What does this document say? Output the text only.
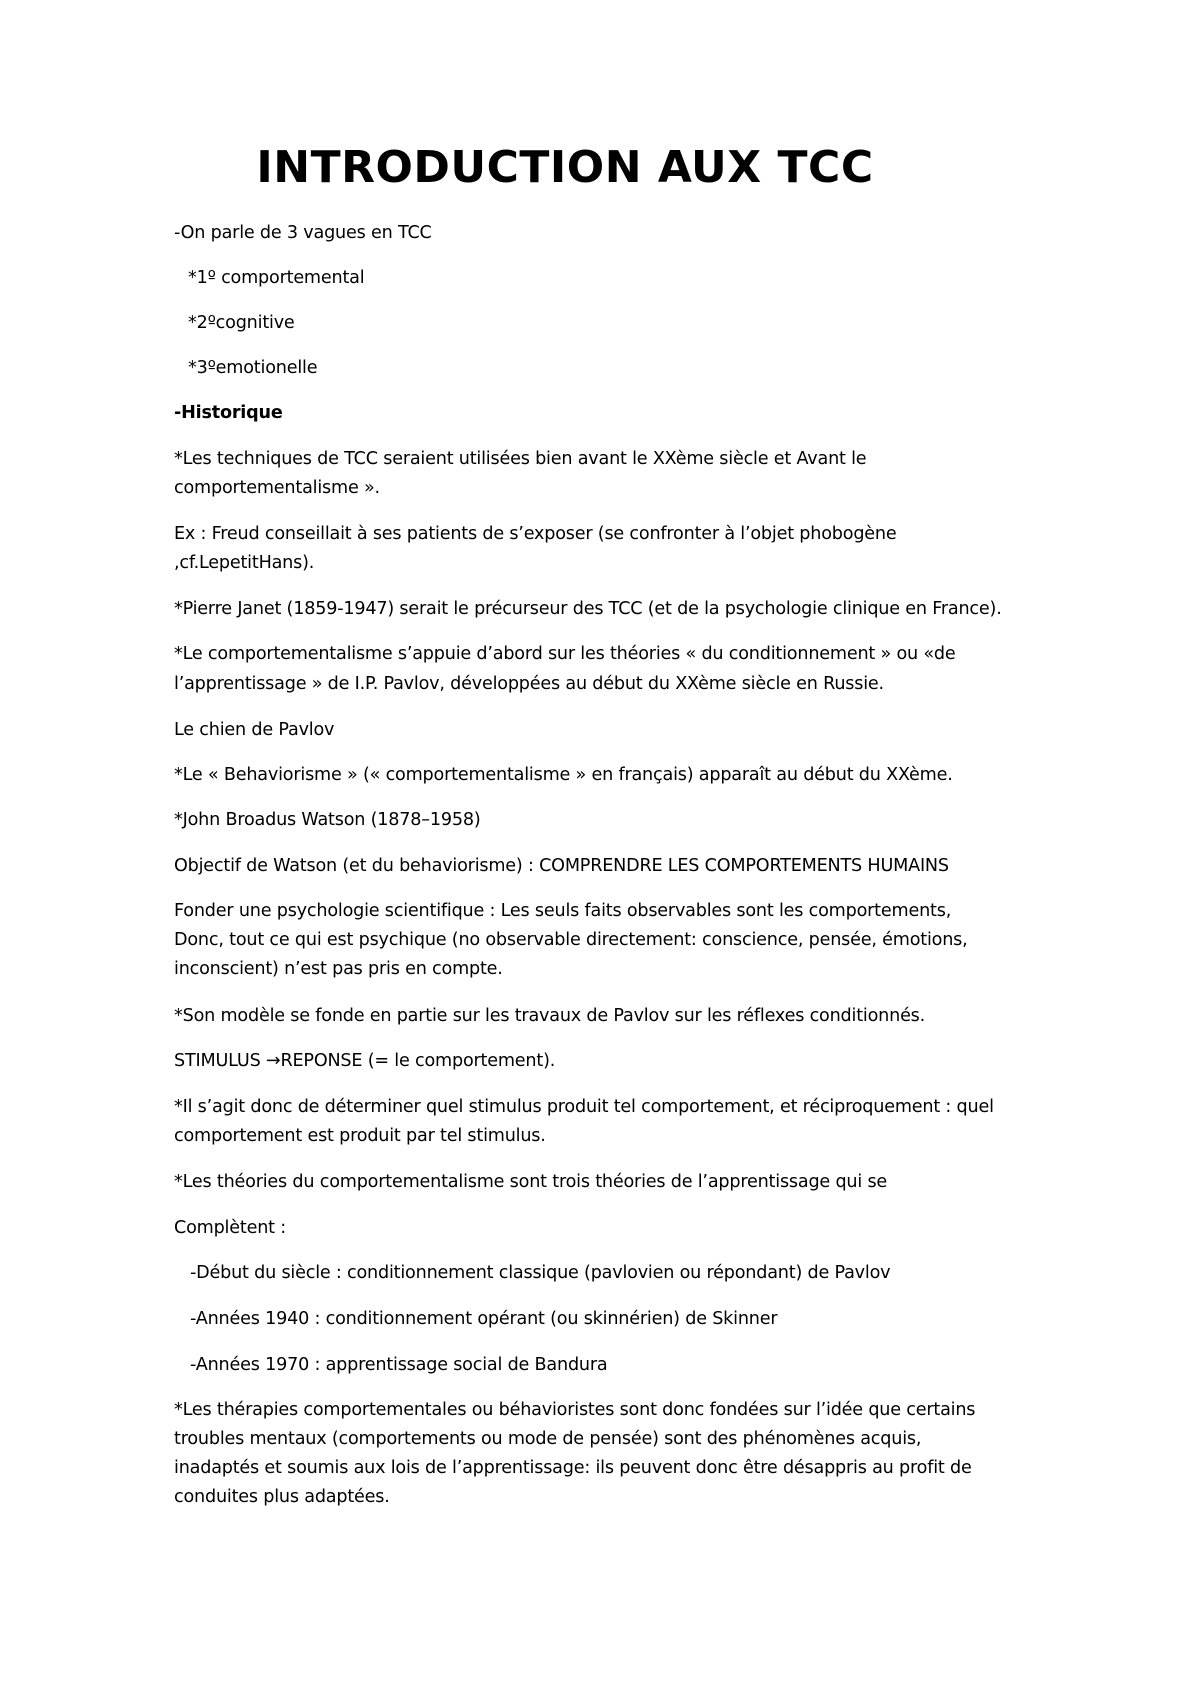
INTRODUCTION AUX TCC
-On parle de 3 vagues en TCC
*1º comportemental
*2ºcognitive
*3ºemotionelle
-Historique
*Les techniques de TCC seraient utilisées bien avant le XXème siècle et Avant le
comportementalisme ».
Ex : Freud conseillait à ses patients de s’exposer (se confronter à l’objet phobogène
,cf.LepetitHans).
*Pierre Janet (1859-1947) serait le précurseur des TCC (et de la psychologie clinique en France).
*Le comportementalisme s’appuie d’abord sur les théories « du conditionnement » ou «de
l’apprentissage » de I.P. Pavlov, développées au début du XXème siècle en Russie.
Le chien de Pavlov
*Le « Behaviorisme » (« comportementalisme » en français) apparaît au début du XXème.
*John Broadus Watson (1878–1958)
Objectif de Watson (et du behaviorisme) : COMPRENDRE LES COMPORTEMENTS HUMAINS
Fonder une psychologie scientifique : Les seuls faits observables sont les comportements,
Donc, tout ce qui est psychique (no observable directement: conscience, pensée, émotions,
inconscient) n’est pas pris en compte.
*Son modèle se fonde en partie sur les travaux de Pavlov sur les réflexes conditionnés.
STIMULUS →REPONSE (= le comportement).
*Il s’agit donc de déterminer quel stimulus produit tel comportement, et réciproquement : quel
comportement est produit par tel stimulus.
*Les théories du comportementalisme sont trois théories de l’apprentissage qui se
Complètent :
-Début du siècle : conditionnement classique (pavlovien ou répondant) de Pavlov
-Années 1940 : conditionnement opérant (ou skinnérien) de Skinner
-Années 1970 : apprentissage social de Bandura
*Les thérapies comportementales ou béhavioristes sont donc fondées sur l’idée que certains
troubles mentaux (comportements ou mode de pensée) sont des phénomènes acquis,
inadaptés et soumis aux lois de l’apprentissage: ils peuvent donc être désappris au profit de
conduites plus adaptées.
